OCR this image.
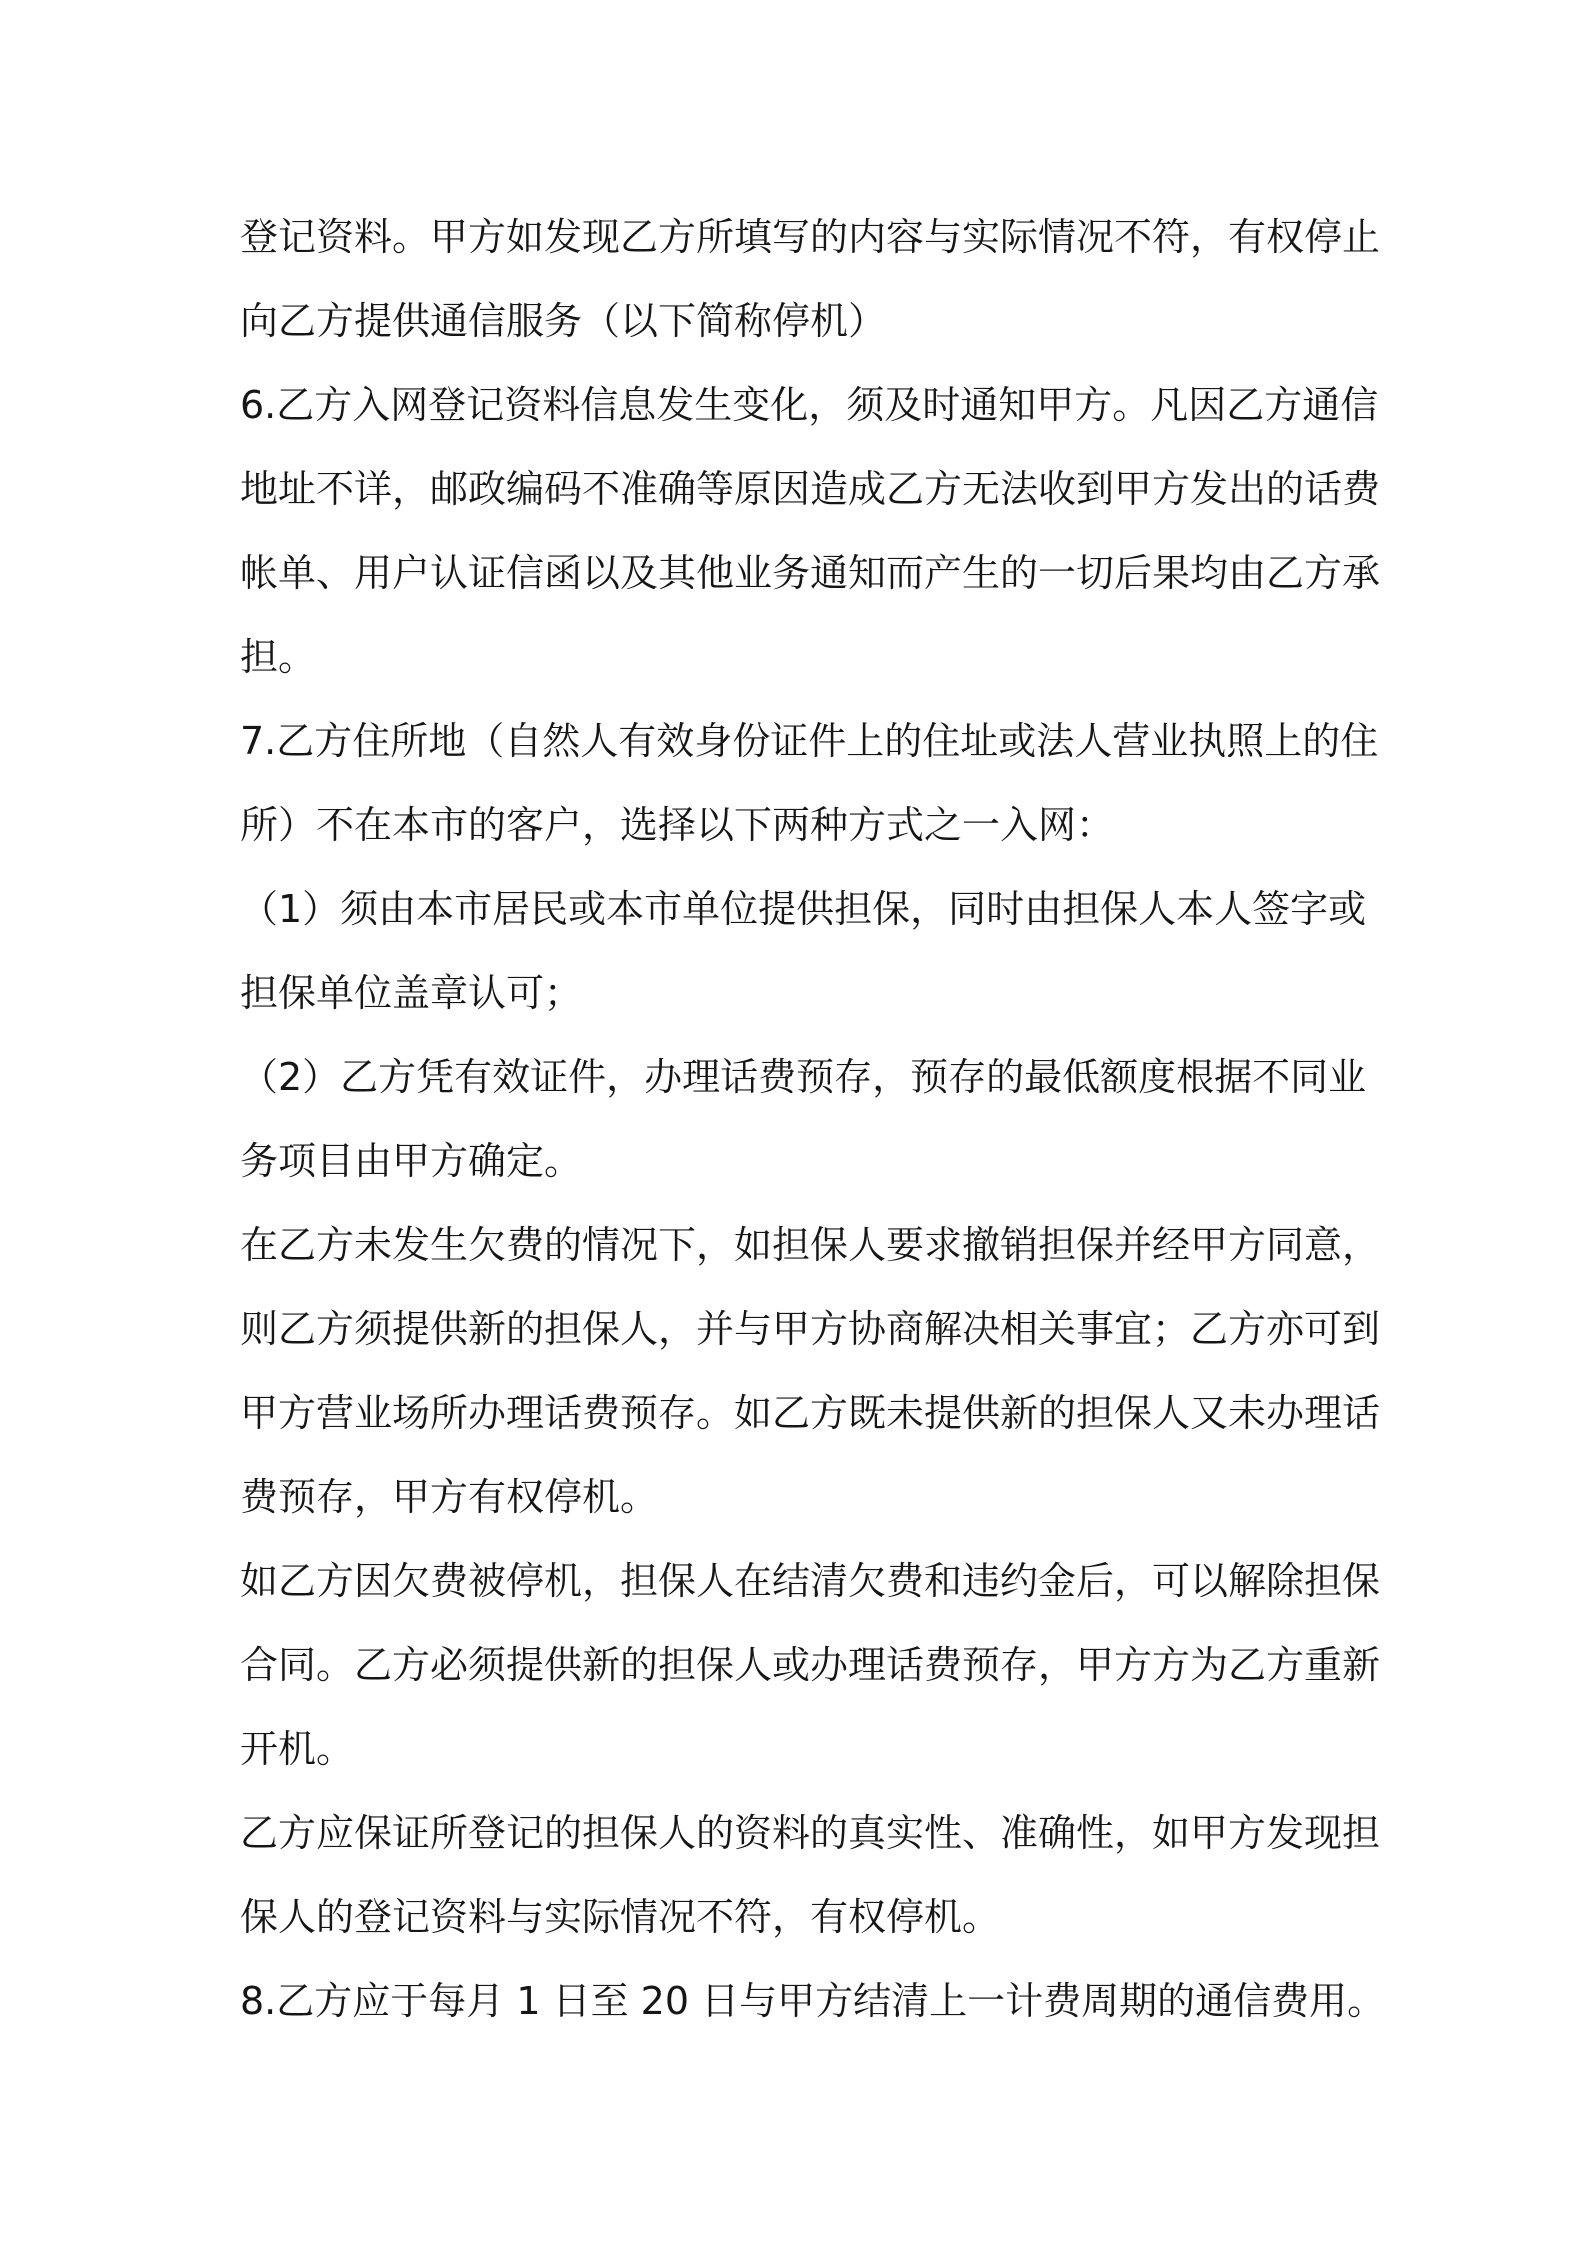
登记资料。甲方如发现乙方所填写的内容与实际情况不符，有权停止
向乙方提供通信服务（以下简称停机）
6.乙方入网登记资料信息发生变化，须及时通知甲方。凡因乙方通信
地址不详，邮政编码不准确等原因造成乙方无法收到甲方发出的话费
帐单、用户认证信函以及其他业务通知而产生的一切后果均由乙方承
担。
7.乙方住所地（自然人有效身份证件上的住址或法人营业执照上的住
所）不在本市的客户，选择以下两种方式之一入网：
（1）须由本市居民或本市单位提供担保，同时由担保人本人签字或
担保单位盖章认可；
（2）乙方凭有效证件，办理话费预存，预存的最低额度根据不同业
务项目由甲方确定。
在乙方未发生欠费的情况下，如担保人要求撤销担保并经甲方同意，
则乙方须提供新的担保人，并与甲方协商解决相关事宜；乙方亦可到
甲方营业场所办理话费预存。如乙方既未提供新的担保人又未办理话
费预存，甲方有权停机。
如乙方因欠费被停机，担保人在结清欠费和违约金后，可以解除担保
合同。乙方必须提供新的担保人或办理话费预存，甲方方为乙方重新
开机。
乙方应保证所登记的担保人的资料的真实性、准确性，如甲方发现担
保人的登记资料与实际情况不符，有权停机。
8.乙方应于每月 1 日至 20 日与甲方结清上一计费周期的通信费用。
